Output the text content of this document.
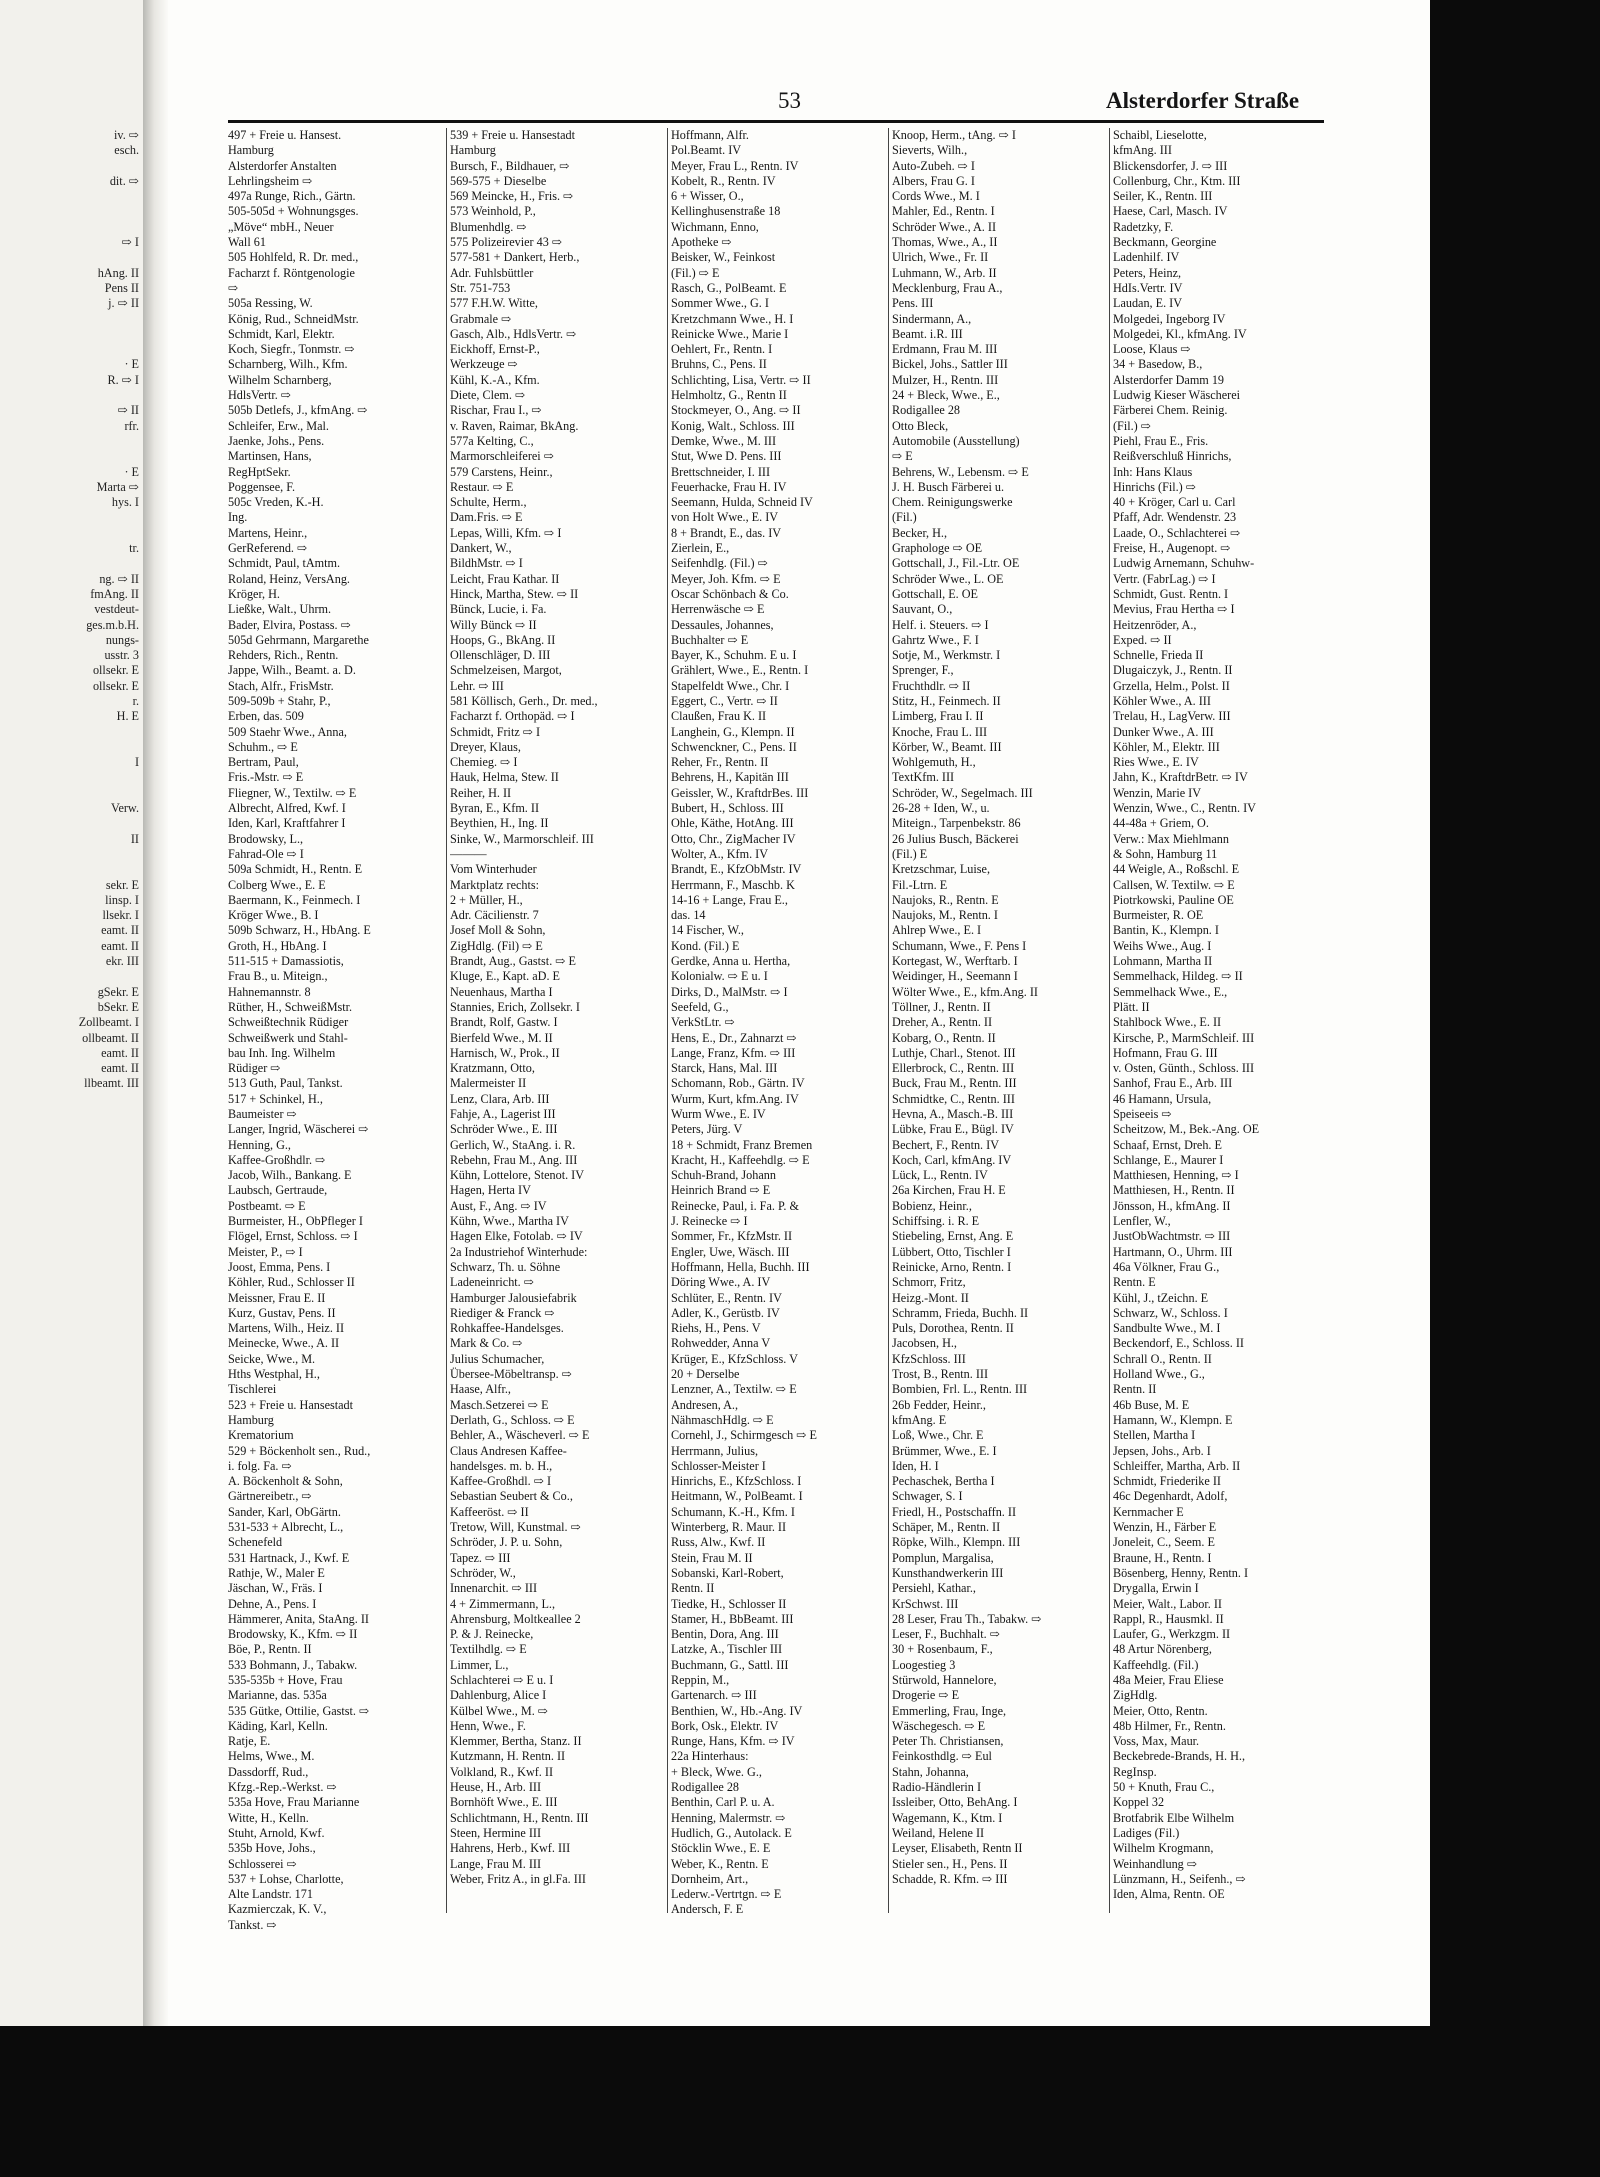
iv. ⇨
esch.

dit. ⇨

⇨ I

hAng. II
Pens II
j. ⇨ II

· E
R. ⇨ I

⇨ II
rfr.

· E
Marta ⇨
hys. I

tr.

ng. ⇨ II
fmAng. II
vestdeut-
ges.m.b.H.
nungs-
usstr. 3
ollsekr. E
ollsekr. E
r.
H. E

I

Verw.

II

sekr. E
linsp. I
llsekr. I
eamt. II
eamt. II
ekr. III

gSekr. E
bSekr. E
Zollbeamt. I
ollbeamt. II
eamt. II
eamt. II
llbeamt. III
53	Alsterdorfer Straße
497 + Freie u. Hansest.
Hamburg
Alsterdorfer Anstalten
Lehrlingsheim ⇨
497a Runge, Rich., Gärtn.
505-505d + Wohnungsges.
„Möve“ mbH., Neuer
Wall 61
505 Hohlfeld, R. Dr. med.,
Facharzt f. Röntgenologie
⇨
505a Ressing, W.
König, Rud., SchneidMstr.
Schmidt, Karl, Elektr.
Koch, Siegfr., Tonmstr. ⇨
Scharnberg, Wilh., Kfm.
Wilhelm Scharnberg,
HdlsVertr. ⇨
505b Detlefs, J., kfmAng. ⇨
Schleifer, Erw., Mal.
Jaenke, Johs., Pens.
Martinsen, Hans,
RegHptSekr.
Poggensee, F.
505c Vreden, K.-H.
Ing.
Martens, Heinr.,
GerReferend. ⇨
Schmidt, Paul, tAmtm.
Roland, Heinz, VersAng.
Kröger, H.
Ließke, Walt., Uhrm.
Bader, Elvira, Postass. ⇨
505d Gehrmann, Margarethe
Rehders, Rich., Rentn.
Jappe, Wilh., Beamt. a. D.
Stach, Alfr., FrisMstr.
509-509b + Stahr, P.,
Erben, das. 509
509 Staehr Wwe., Anna,
Schuhm., ⇨ E
Bertram, Paul,
Fris.-Mstr. ⇨ E
Fliegner, W., Textilw. ⇨ E
Albrecht, Alfred, Kwf. I
Iden, Karl, Kraftfahrer I
Brodowsky, L.,
Fahrad-Ole ⇨ I
509a Schmidt, H., Rentn. E
Colberg Wwe., E. E
Baermann, K., Feinmech. I
Kröger Wwe., B. I
509b Schwarz, H., HbAng. E
Groth, H., HbAng. I
511-515 + Damassiotis,
Frau B., u. Miteign.,
Hahnemannstr. 8
Rüther, H., SchweißMstr.
Schweißtechnik Rüdiger
Schweißwerk und Stahl-
bau Inh. Ing. Wilhelm
Rüdiger ⇨
513 Guth, Paul, Tankst.
517 + Schinkel, H.,
Baumeister ⇨
Langer, Ingrid, Wäscherei ⇨
Henning, G.,
Kaffee-Großhdlr. ⇨
Jacob, Wilh., Bankang. E
Laubsch, Gertraude,
Postbeamt. ⇨ E
Burmeister, H., ObPfleger I
Flögel, Ernst, Schloss. ⇨ I
Meister, P., ⇨ I
Joost, Emma, Pens. I
Köhler, Rud., Schlosser II
Meissner, Frau E. II
Kurz, Gustav, Pens. II
Martens, Wilh., Heiz. II
Meinecke, Wwe., A. II
Seicke, Wwe., M.
Hths Westphal, H.,
Tischlerei
523 + Freie u. Hansestadt
Hamburg
Krematorium
529 + Böckenholt sen., Rud.,
i. folg. Fa. ⇨
A. Böckenholt & Sohn,
Gärtnereibetr., ⇨
Sander, Karl, ObGärtn.
531-533 + Albrecht, L.,
Schenefeld
531 Hartnack, J., Kwf. E
Rathje, W., Maler E
Jäschan, W., Fräs. I
Dehne, A., Pens. I
Hämmerer, Anita, StaAng. II
Brodowsky, K., Kfm. ⇨ II
Böe, P., Rentn. II
533 Bohmann, J., Tabakw.
535-535b + Hove, Frau
Marianne, das. 535a
535 Gütke, Ottilie, Gastst. ⇨
Käding, Karl, Kelln.
Ratje, E.
Helms, Wwe., M.
Dassdorff, Rud.,
Kfzg.-Rep.-Werkst. ⇨
535a Hove, Frau Marianne
Witte, H., Kelln.
Stuht, Arnold, Kwf.
535b Hove, Johs.,
Schlosserei ⇨
537 + Lohse, Charlotte,
Alte Landstr. 171
Kazmierczak, K. V.,
Tankst. ⇨
539 + Freie u. Hansestadt
Hamburg
Bursch, F., Bildhauer, ⇨
569-575 + Dieselbe
569 Meincke, H., Fris. ⇨
573 Weinhold, P.,
Blumenhdlg. ⇨
575 Polizeirevier 43 ⇨
577-581 + Dankert, Herb.,
Adr. Fuhlsbüttler
Str. 751-753
577 F.H.W. Witte,
Grabmale ⇨
Gasch, Alb., HdlsVertr. ⇨
Eickhoff, Ernst-P.,
Werkzeuge ⇨
Kühl, K.-A., Kfm.
Diete, Clem. ⇨
Rischar, Frau I., ⇨
v. Raven, Raimar, BkAng.
577a Kelting, C.,
Marmorschleiferei ⇨
579 Carstens, Heinr.,
Restaur. ⇨ E
Schulte, Herm.,
Dam.Fris. ⇨ E
Lepas, Willi, Kfm. ⇨ I
Dankert, W.,
BildhMstr. ⇨ I
Leicht, Frau Kathar. II
Hinck, Martha, Stew. ⇨ II
Bünck, Lucie, i. Fa.
Willy Bünck ⇨ II
Hoops, G., BkAng. II
Ollenschläger, D. III
Schmelzeisen, Margot,
Lehr. ⇨ III
581 Köllisch, Gerh., Dr. med.,
Facharzt f. Orthopäd. ⇨ I
Schmidt, Fritz ⇨ I
Dreyer, Klaus,
Chemieg. ⇨ I
Hauk, Helma, Stew. II
Reiher, H. II
Byran, E., Kfm. II
Beythien, H., Ing. II
Sinke, W., Marmorschleif. III
———
Vom Winterhuder
Marktplatz rechts:
2 + Müller, H.,
Adr. Cäcilienstr. 7
Josef Moll & Sohn,
ZigHdlg. (Fil) ⇨ E
Brandt, Aug., Gastst. ⇨ E
Kluge, E., Kapt. aD. E
Neuenhaus, Martha I
Stannies, Erich, Zollsekr. I
Brandt, Rolf, Gastw. I
Bierfeld Wwe., M. II
Harnisch, W., Prok., II
Kratzmann, Otto,
Malermeister II
Lenz, Clara, Arb. III
Fahje, A., Lagerist III
Schröder Wwe., E. III
Gerlich, W., StaAng. i. R.
Rebehn, Frau M., Ang. III
Kühn, Lottelore, Stenot. IV
Hagen, Herta IV
Aust, F., Ang. ⇨ IV
Kühn, Wwe., Martha IV
Hagen Elke, Fotolab. ⇨ IV
2a Industriehof Winterhude:
Schwarz, Th. u. Söhne
Ladeneinricht. ⇨
Hamburger Jalousiefabrik
Riediger & Franck ⇨
Rohkaffee-Handelsges.
Mark & Co. ⇨
Julius Schumacher,
Übersee-Möbeltransp. ⇨
Haase, Alfr.,
Masch.Setzerei ⇨ E
Derlath, G., Schloss. ⇨ E
Behler, A., Wäscheverl. ⇨ E
Claus Andresen Kaffee-
handelsges. m. b. H.,
Kaffee-Großhdl. ⇨ I
Sebastian Seubert & Co.,
Kaffeeröst. ⇨ II
Tretow, Will, Kunstmal. ⇨
Schröder, J. P. u. Sohn,
Tapez. ⇨ III
Schröder, W.,
Innenarchit. ⇨ III
4 + Zimmermann, L.,
Ahrensburg, Moltkeallee 2
P. & J. Reinecke,
Textilhdlg. ⇨ E
Limmer, L.,
Schlachterei ⇨ E u. I
Dahlenburg, Alice I
Külbel Wwe., M. ⇨
Henn, Wwe., F.
Klemmer, Bertha, Stanz. II
Kutzmann, H. Rentn. II
Volkland, R., Kwf. II
Heuse, H., Arb. III
Bornhöft Wwe., E. III
Schlichtmann, H., Rentn. III
Steen, Hermine III
Hahrens, Herb., Kwf. III
Lange, Frau M. III
Weber, Fritz A., in gl.Fa. III
Hoffmann, Alfr.
Pol.Beamt. IV
Meyer, Frau L., Rentn. IV
Kobelt, R., Rentn. IV
6 + Wisser, O.,
Kellinghusenstraße 18
Wichmann, Enno,
Apotheke ⇨
Beisker, W., Feinkost
(Fil.) ⇨ E
Rasch, G., PolBeamt. E
Sommer Wwe., G. I
Kretzchmann Wwe., H. I
Reinicke Wwe., Marie I
Oehlert, Fr., Rentn. I
Bruhns, C., Pens. II
Schlichting, Lisa, Vertr. ⇨ II
Helmholtz, G., Rentn II
Stockmeyer, O., Ang. ⇨ II
Konig, Walt., Schloss. III
Demke, Wwe., M. III
Stut, Wwe D. Pens. III
Brettschneider, I. III
Feuerhacke, Frau H. IV
Seemann, Hulda, Schneid IV
von Holt Wwe., E. IV
8 + Brandt, E., das. IV
Zierlein, E.,
Seifenhdlg. (Fil.) ⇨
Meyer, Joh. Kfm. ⇨ E
Oscar Schönbach & Co.
Herrenwäsche ⇨ E
Dessaules, Johannes,
Buchhalter ⇨ E
Bayer, K., Schuhm. E u. I
Grählert, Wwe., E., Rentn. I
Stapelfeldt Wwe., Chr. I
Eggert, C., Vertr. ⇨ II
Claußen, Frau K. II
Langhein, G., Klempn. II
Schwenckner, C., Pens. II
Reher, Fr., Rentn. II
Behrens, H., Kapitän III
Geissler, W., KraftdrBes. III
Bubert, H., Schloss. III
Ohle, Käthe, HotAng. III
Otto, Chr., ZigMacher IV
Wolter, A., Kfm. IV
Brandt, E., KfzObMstr. IV
Herrmann, F., Maschb. K
14-16 + Lange, Frau E.,
das. 14
14 Fischer, W.,
Kond. (Fil.) E
Gerdke, Anna u. Hertha,
Kolonialw. ⇨ E u. I
Dirks, D., MalMstr. ⇨ I
Seefeld, G.,
VerkStLtr. ⇨
Hens, E., Dr., Zahnarzt ⇨
Lange, Franz, Kfm. ⇨ III
Starck, Hans, Mal. III
Schomann, Rob., Gärtn. IV
Wurm, Kurt, kfm.Ang. IV
Wurm Wwe., E. IV
Peters, Jürg. V
18 + Schmidt, Franz Bremen
Kracht, H., Kaffeehdlg. ⇨ E
Schuh-Brand, Johann
Heinrich Brand ⇨ E
Reinecke, Paul, i. Fa. P. &
J. Reinecke ⇨ I
Sommer, Fr., KfzMstr. II
Engler, Uwe, Wäsch. III
Hoffmann, Hella, Buchh. III
Döring Wwe., A. IV
Schlüter, E., Rentn. IV
Adler, K., Gerüstb. IV
Riehs, H., Pens. V
Rohwedder, Anna V
Krüger, E., KfzSchloss. V
20 + Derselbe
Lenzner, A., Textilw. ⇨ E
Andresen, A.,
NähmaschHdlg. ⇨ E
Cornehl, J., Schirmgesch ⇨ E
Herrmann, Julius,
Schlosser-Meister I
Hinrichs, E., KfzSchloss. I
Heitmann, W., PolBeamt. I
Schumann, K.-H., Kfm. I
Winterberg, R. Maur. II
Russ, Alw., Kwf. II
Stein, Frau M. II
Sobanski, Karl-Robert,
Rentn. II
Tiedke, H., Schlosser II
Stamer, H., BbBeamt. III
Bentin, Dora, Ang. III
Latzke, A., Tischler III
Buchmann, G., Sattl. III
Reppin, M.,
Gartenarch. ⇨ III
Benthien, W., Hb.-Ang. IV
Bork, Osk., Elektr. IV
Runge, Hans, Kfm. ⇨ IV
22a Hinterhaus:
+ Bleck, Wwe. G.,
Rodigallee 28
Benthin, Carl P. u. A.
Henning, Malermstr. ⇨
Hudlich, G., Autolack. E
Stöcklin Wwe., E. E
Weber, K., Rentn. E
Dornheim, Art.,
Lederw.-Vertrtgn. ⇨ E
Andersch, F. E
Knoop, Herm., tAng. ⇨ I
Sieverts, Wilh.,
Auto-Zubeh. ⇨ I
Albers, Frau G. I
Cords Wwe., M. I
Mahler, Ed., Rentn. I
Schröder Wwe., A. II
Thomas, Wwe., A., II
Ulrich, Wwe., Fr. II
Luhmann, W., Arb. II
Mecklenburg, Frau A.,
Pens. III
Sindermann, A.,
Beamt. i.R. III
Erdmann, Frau M. III
Bickel, Johs., Sattler III
Mulzer, H., Rentn. III
24 + Bleck, Wwe., E.,
Rodigallee 28
Otto Bleck,
Automobile (Ausstellung)
⇨ E
Behrens, W., Lebensm. ⇨ E
J. H. Busch Färberei u.
Chem. Reinigungswerke
(Fil.)
Becker, H.,
Graphologe ⇨ OE
Gottschall, J., Fil.-Ltr. OE
Schröder Wwe., L. OE
Gottschall, E. OE
Sauvant, O.,
Helf. i. Steuers. ⇨ I
Gahrtz Wwe., F. I
Sotje, M., Werkmstr. I
Sprenger, F.,
Fruchthdlr. ⇨ II
Stitz, H., Feinmech. II
Limberg, Frau I. II
Knoche, Frau L. III
Körber, W., Beamt. III
Wohlgemuth, H.,
TextKfm. III
Schröder, W., Segelmach. III
26-28 + Iden, W., u.
Miteign., Tarpenbekstr. 86
26 Julius Busch, Bäckerei
(Fil.) E
Kretzschmar, Luise,
Fil.-Ltrn. E
Naujoks, R., Rentn. E
Naujoks, M., Rentn. I
Ahlrep Wwe., E. I
Schumann, Wwe., F. Pens I
Kortegast, W., Werftarb. I
Weidinger, H., Seemann I
Wölter Wwe., E., kfm.Ang. II
Töllner, J., Rentn. II
Dreher, A., Rentn. II
Kobarg, O., Rentn. II
Luthje, Charl., Stenot. III
Ellerbrock, C., Rentn. III
Buck, Frau M., Rentn. III
Schmidtke, C., Rentn. III
Hevna, A., Masch.-B. III
Lübke, Frau E., Bügl. IV
Bechert, F., Rentn. IV
Koch, Carl, kfmAng. IV
Lück, L., Rentn. IV
26a Kirchen, Frau H. E
Bobienz, Heinr.,
Schiffsing. i. R. E
Stiebeling, Ernst, Ang. E
Lübbert, Otto, Tischler I
Reinicke, Arno, Rentn. I
Schmorr, Fritz,
Heizg.-Mont. II
Schramm, Frieda, Buchh. II
Puls, Dorothea, Rentn. II
Jacobsen, H.,
KfzSchloss. III
Trost, B., Rentn. III
Bombien, Frl. L., Rentn. III
26b Fedder, Heinr.,
kfmAng. E
Loß, Wwe., Chr. E
Brümmer, Wwe., E. I
Iden, H. I
Pechaschek, Bertha I
Schwager, S. I
Friedl, H., Postschaffn. II
Schäper, M., Rentn. II
Röpke, Wilh., Klempn. III
Pomplun, Margalisa,
Kunsthandwerkerin III
Persiehl, Kathar.,
KrSchwst. III
28 Leser, Frau Th., Tabakw. ⇨
Leser, F., Buchhalt. ⇨
30 + Rosenbaum, F.,
Loogestieg 3
Stürwold, Hannelore,
Drogerie ⇨ E
Emmerling, Frau, Inge,
Wäschegesch. ⇨ E
Peter Th. Christiansen,
Feinkosthdlg. ⇨ Eul
Stahn, Johanna,
Radio-Händlerin I
Issleiber, Otto, BehAng. I
Wagemann, K., Ktm. I
Weiland, Helene II
Leyser, Elisabeth, Rentn II
Stieler sen., H., Pens. II
Schadde, R. Kfm. ⇨ III
Schaibl, Lieselotte,
kfmAng. III
Blickensdorfer, J. ⇨ III
Collenburg, Chr., Ktm. III
Seiler, K., Rentn. III
Haese, Carl, Masch. IV
Radetzky, F.
Beckmann, Georgine
Ladenhilf. IV
Peters, Heinz,
HdIs.Vertr. IV
Laudan, E. IV
Molgedei, Ingeborg IV
Molgedei, Kl., kfmAng. IV
Loose, Klaus ⇨
34 + Basedow, B.,
Alsterdorfer Damm 19
Ludwig Kieser Wäscherei
Färberei Chem. Reinig.
(Fil.) ⇨
Piehl, Frau E., Fris.
Reißverschluß Hinrichs,
Inh: Hans Klaus
Hinrichs (Fil.) ⇨
40 + Kröger, Carl u. Carl
Pfaff, Adr. Wendenstr. 23
Laade, O., Schlachterei ⇨
Freise, H., Augenopt. ⇨
Ludwig Arnemann, Schuhw-
Vertr. (FabrLag.) ⇨ I
Schmidt, Gust. Rentn. I
Mevius, Frau Hertha ⇨ I
Heitzenröder, A.,
Exped. ⇨ II
Schnelle, Frieda II
Dlugaiczyk, J., Rentn. II
Grzella, Helm., Polst. II
Köhler Wwe., A. III
Trelau, H., LagVerw. III
Dunker Wwe., A. III
Köhler, M., Elektr. III
Ries Wwe., E. IV
Jahn, K., KraftdrBetr. ⇨ IV
Wenzin, Marie IV
Wenzin, Wwe., C., Rentn. IV
44-48a + Griem, O.
Verw.: Max Miehlmann
& Sohn, Hamburg 11
44 Weigle, A., Roßschl. E
Callsen, W. Textilw. ⇨ E
Piotrkowski, Pauline OE
Burmeister, R. OE
Bantin, K., Klempn. I
Weihs Wwe., Aug. I
Lohmann, Martha II
Semmelhack, Hildeg. ⇨ II
Semmelhack Wwe., E.,
Plätt. II
Stahlbock Wwe., E. II
Kirsche, P., MarmSchleif. III
Hofmann, Frau G. III
v. Osten, Günth., Schloss. III
Sanhof, Frau E., Arb. III
46 Hamann, Ursula,
Speiseeis ⇨
Scheitzow, M., Bek.-Ang. OE
Schaaf, Ernst, Dreh. E
Schlange, E., Maurer I
Matthiesen, Henning, ⇨ I
Matthiesen, H., Rentn. II
Jönsson, H., kfmAng. II
Lenfler, W.,
JustObWachtmstr. ⇨ III
Hartmann, O., Uhrm. III
46a Völkner, Frau G.,
Rentn. E
Kühl, J., tZeichn. E
Schwarz, W., Schloss. I
Sandbulte Wwe., M. I
Beckendorf, E., Schloss. II
Schrall O., Rentn. II
Holland Wwe., G.,
Rentn. II
46b Buse, M. E
Hamann, W., Klempn. E
Stellen, Martha I
Jepsen, Johs., Arb. I
Schleiffer, Martha, Arb. II
Schmidt, Friederike II
46c Degenhardt, Adolf,
Kernmacher E
Wenzin, H., Färber E
Joneleit, C., Seem. E
Braune, H., Rentn. I
Bösenberg, Henny, Rentn. I
Drygalla, Erwin I
Meier, Walt., Labor. II
Rappl, R., Hausmkl. II
Laufer, G., Werkzgm. II
48 Artur Nörenberg,
Kaffeehdlg. (Fil.)
48a Meier, Frau Eliese
ZigHdlg.
Meier, Otto, Rentn.
48b Hilmer, Fr., Rentn.
Voss, Max, Maur.
Beckebrede-Brands, H. H.,
RegInsp.
50 + Knuth, Frau C.,
Koppel 32
Brotfabrik Elbe Wilhelm
Ladiges (Fil.)
Wilhelm Krogmann,
Weinhandlung ⇨
Lünzmann, H., Seifenh., ⇨
Iden, Alma, Rentn. OE
